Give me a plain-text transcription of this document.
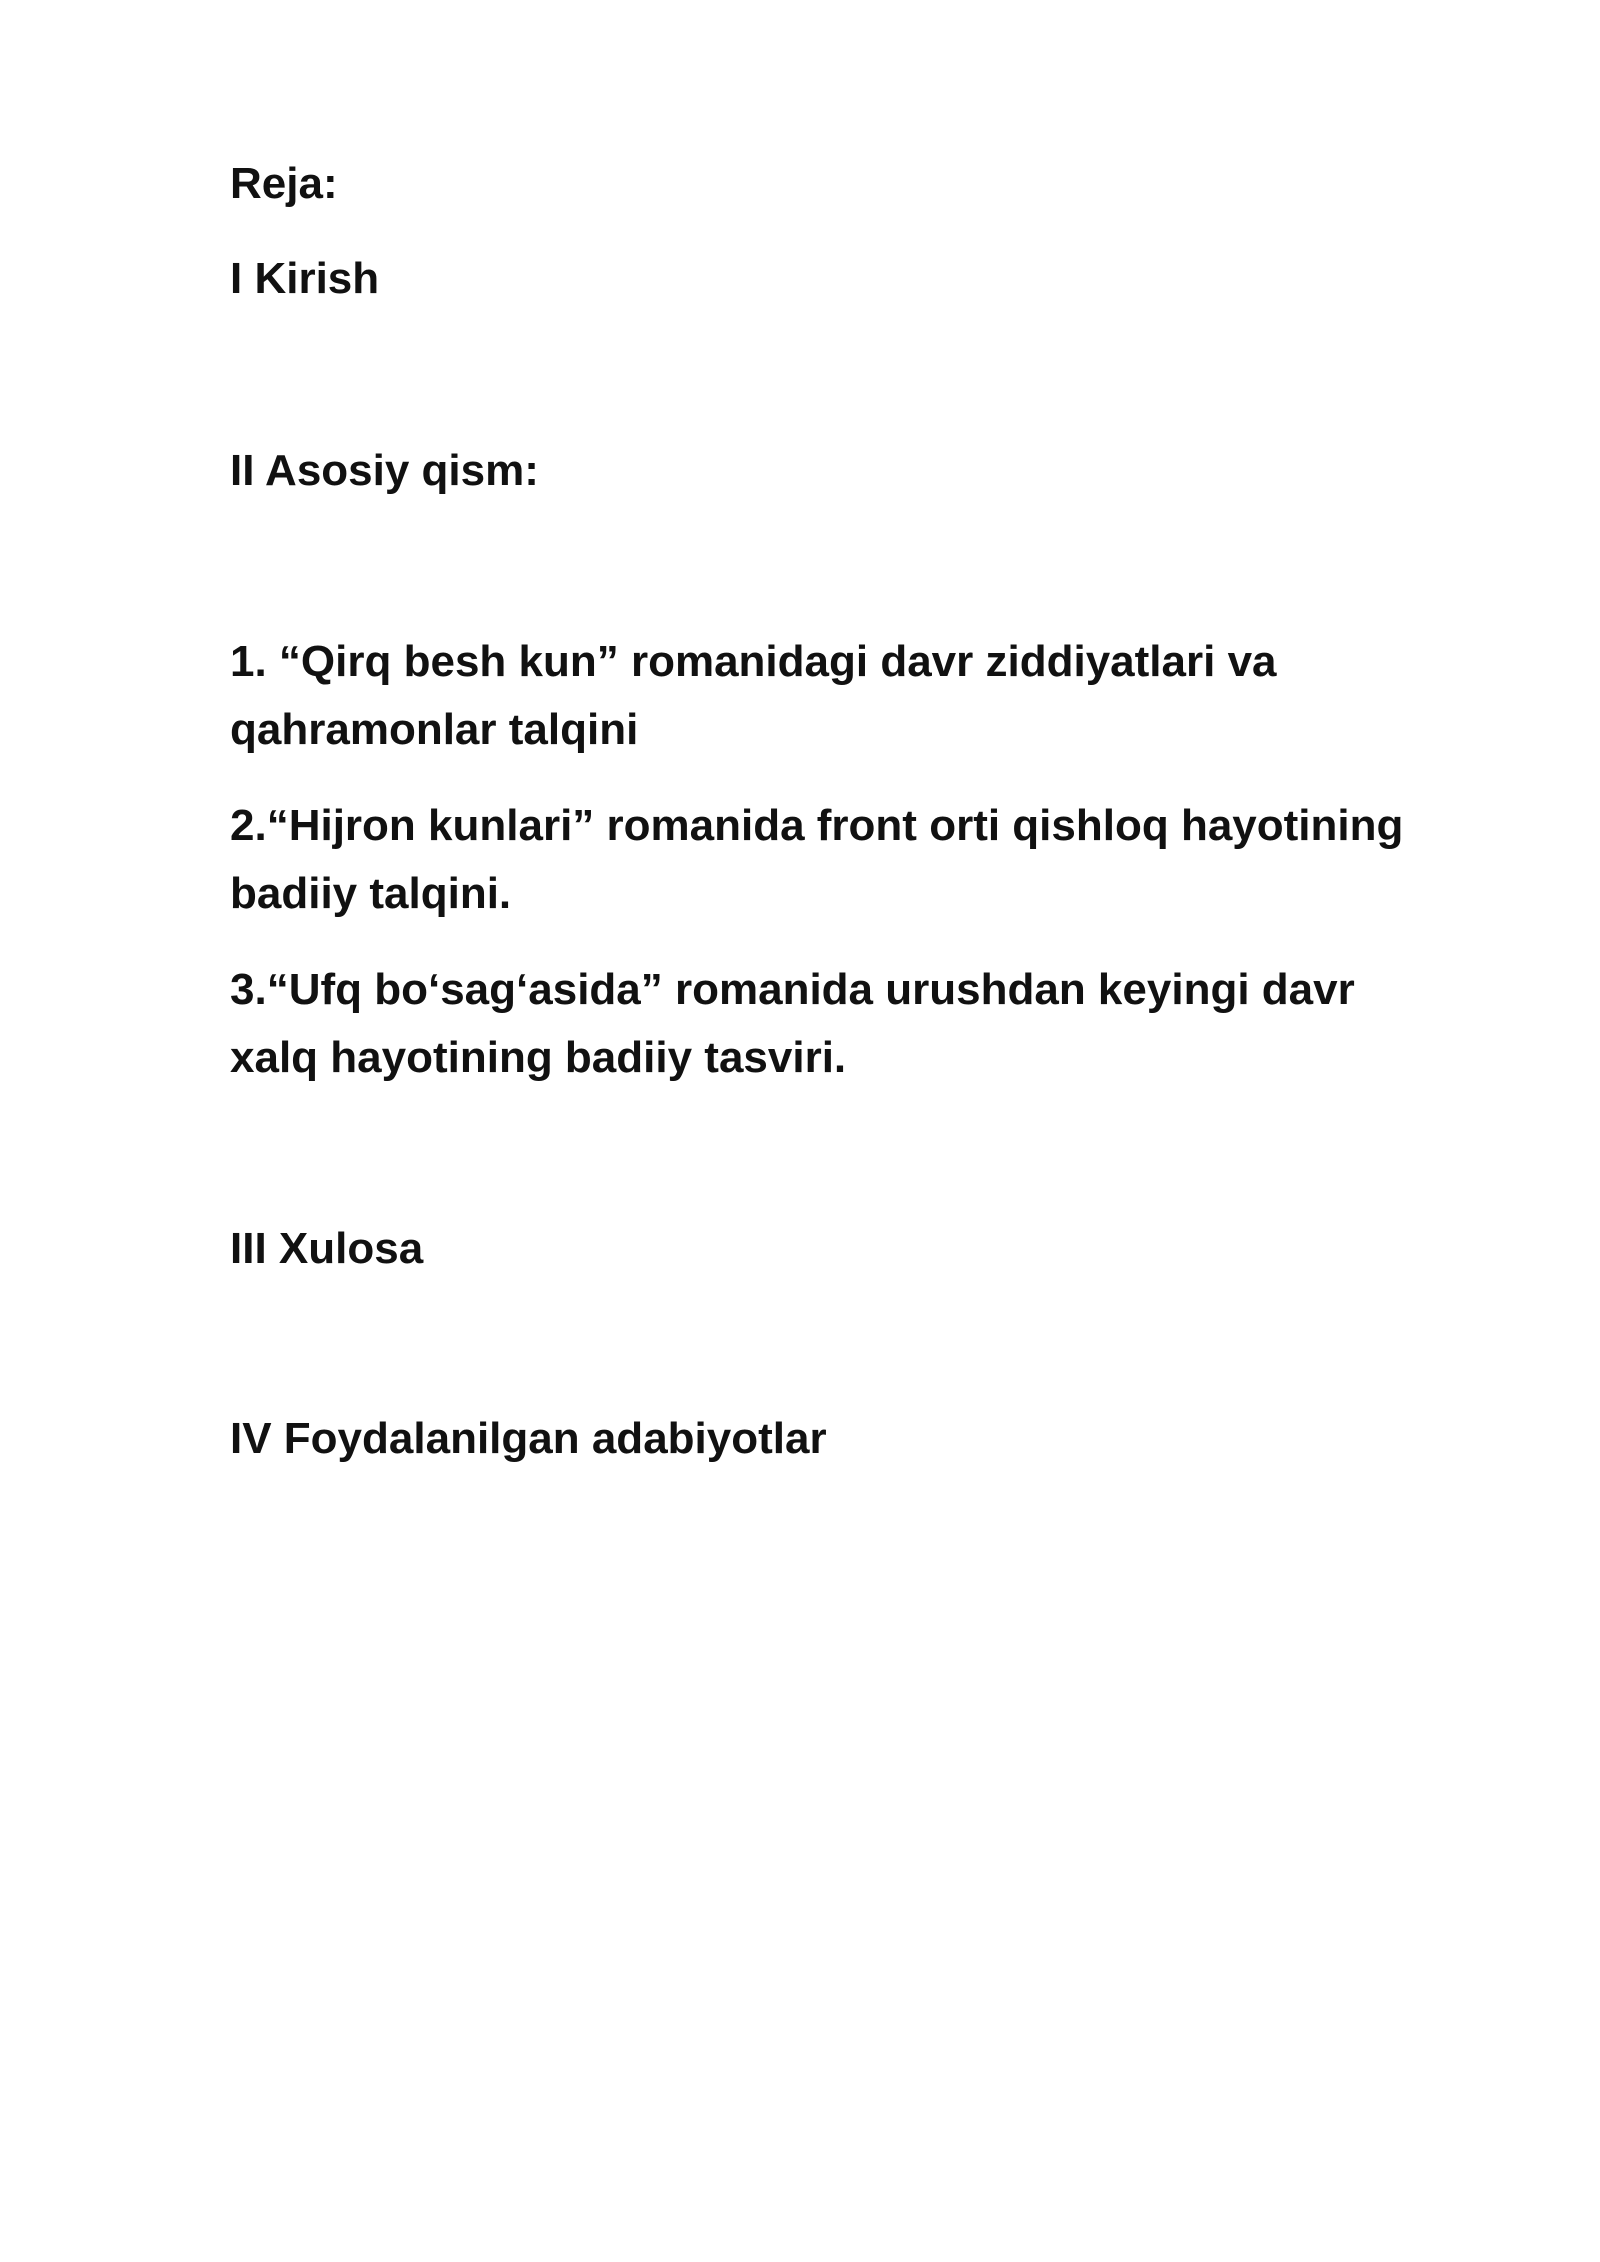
Reja:

I Kirish

II Asosiy qism:

1. “Qirq besh kun” romanidagi davr ziddiyatlari va qahramonlar talqini

2.“Hijron kunlari” romanida front orti qishloq hayotining badiiy talqini.

3.“Ufq boʻsagʻasida” romanida urushdan keyingi davr xalq hayotining badiiy tasviri.

III Xulosa

IV Foydalanilgan adabiyotlar
